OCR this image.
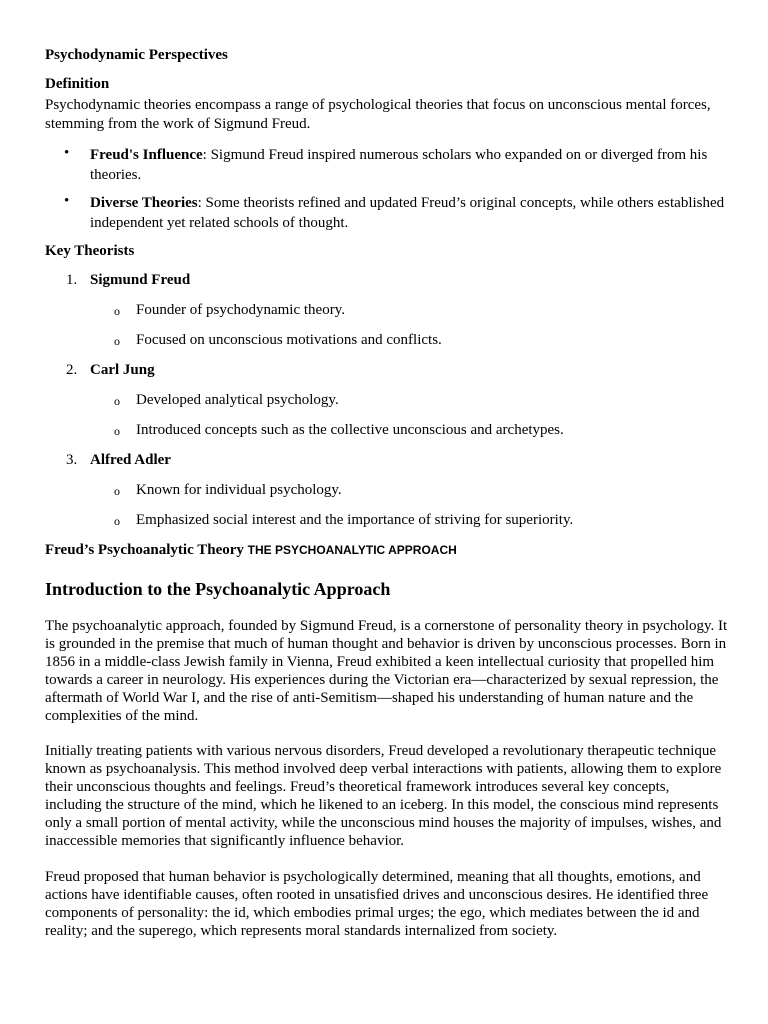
Psychodynamic Perspectives
Definition
Psychodynamic theories encompass a range of psychological theories that focus on unconscious mental forces, stemming from the work of Sigmund Freud.
• Freud's Influence: Sigmund Freud inspired numerous scholars who expanded on or diverged from his theories.
• Diverse Theories: Some theorists refined and updated Freud’s original concepts, while others established independent yet related schools of thought.
Key Theorists
1. Sigmund Freud
o Founder of psychodynamic theory.
o Focused on unconscious motivations and conflicts.
2. Carl Jung
o Developed analytical psychology.
o Introduced concepts such as the collective unconscious and archetypes.
3. Alfred Adler
o Known for individual psychology.
o Emphasized social interest and the importance of striving for superiority.
Freud’s Psychoanalytic Theory THE PSYCHOANALYTIC APPROACH
Introduction to the Psychoanalytic Approach
The psychoanalytic approach, founded by Sigmund Freud, is a cornerstone of personality theory in psychology. It is grounded in the premise that much of human thought and behavior is driven by unconscious processes. Born in 1856 in a middle-class Jewish family in Vienna, Freud exhibited a keen intellectual curiosity that propelled him towards a career in neurology. His experiences during the Victorian era—characterized by sexual repression, the aftermath of World War I, and the rise of anti-Semitism—shaped his understanding of human nature and the complexities of the mind.
Initially treating patients with various nervous disorders, Freud developed a revolutionary therapeutic technique known as psychoanalysis. This method involved deep verbal interactions with patients, allowing them to explore their unconscious thoughts and feelings. Freud’s theoretical framework introduces several key concepts, including the structure of the mind, which he likened to an iceberg. In this model, the conscious mind represents only a small portion of mental activity, while the unconscious mind houses the majority of impulses, wishes, and inaccessible memories that significantly influence behavior.
Freud proposed that human behavior is psychologically determined, meaning that all thoughts, emotions, and actions have identifiable causes, often rooted in unsatisfied drives and unconscious desires. He identified three components of personality: the id, which embodies primal urges; the ego, which mediates between the id and reality; and the superego, which represents moral standards internalized from society.
